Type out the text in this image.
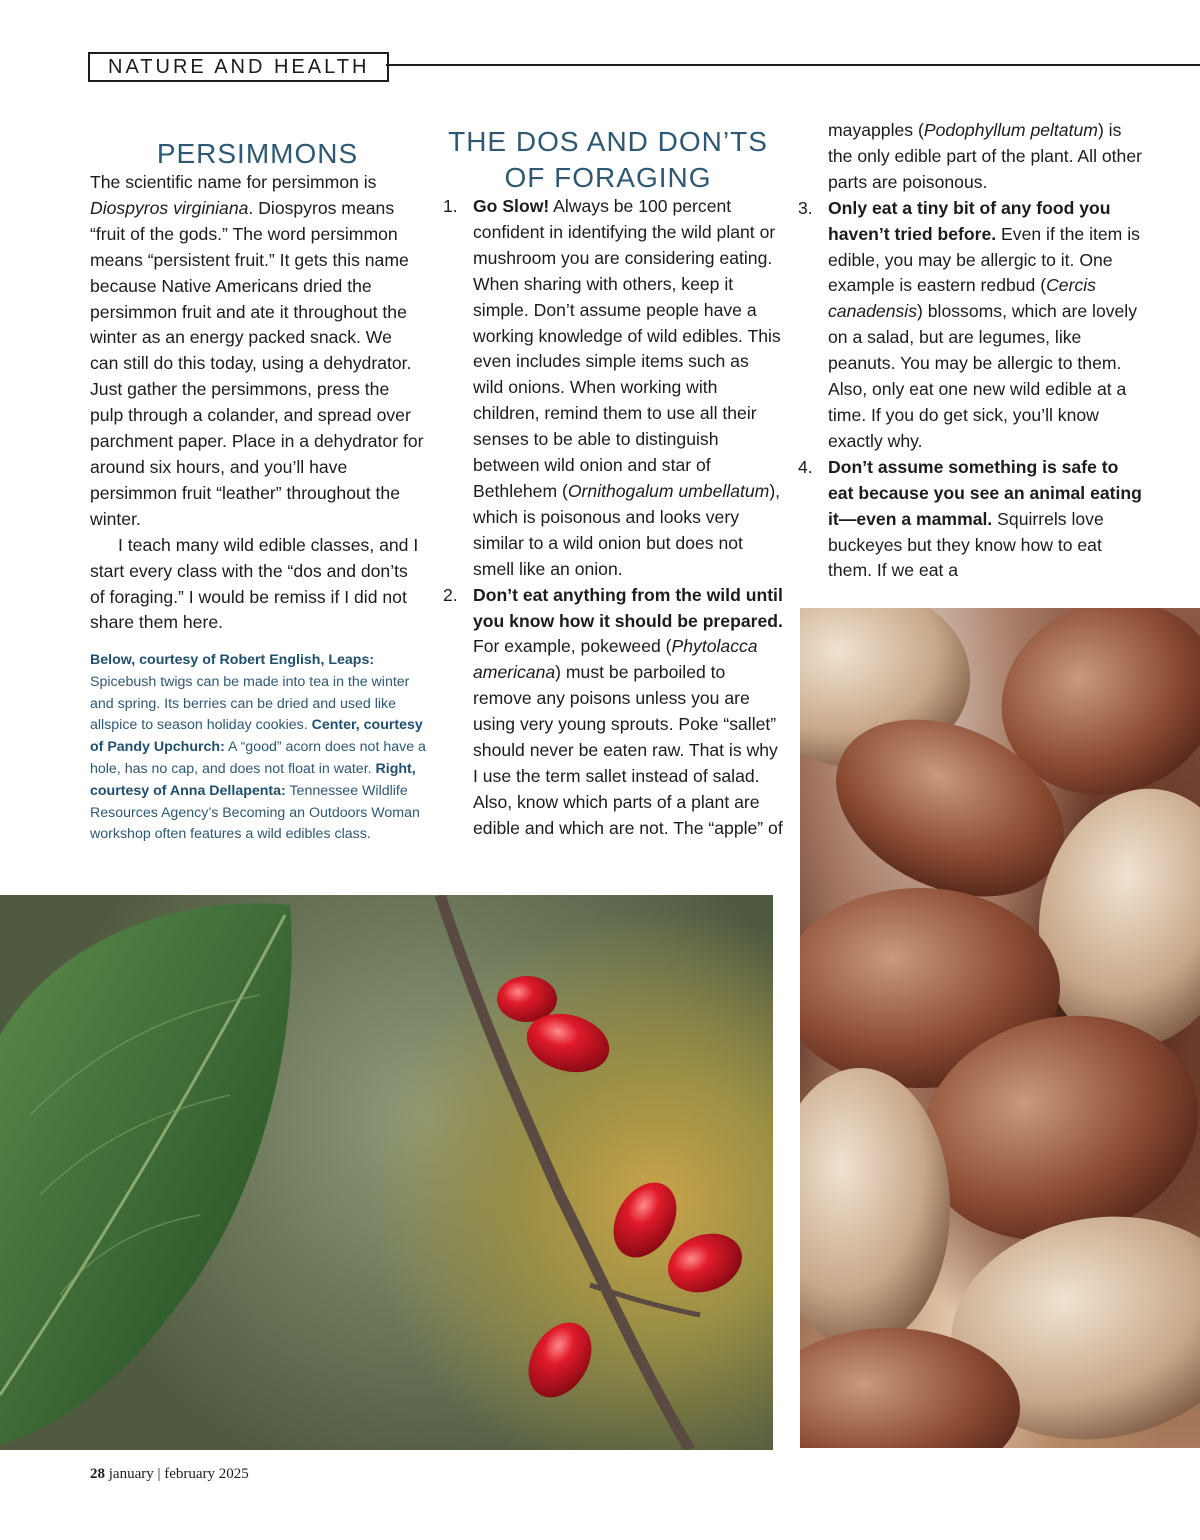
NATURE AND HEALTH
PERSIMMONS

The scientific name for persimmon is Diospyros virginiana. Diospyros means “fruit of the gods.” The word persimmon means “persistent fruit.” It gets this name because Native Americans dried the persimmon fruit and ate it throughout the winter as an energy packed snack. We can still do this today, using a dehydrator. Just gather the persimmons, press the pulp through a colander, and spread over parchment paper. Place in a dehydrator for around six hours, and you’ll have persimmon fruit “leather” throughout the winter.

I teach many wild edible classes, and I start every class with the “dos and don’ts of foraging.” I would be remiss if I did not share them here.

Below, courtesy of Robert English, Leaps: Spicebush twigs can be made into tea in the winter and spring. Its berries can be dried and used like allspice to season holiday cookies. Center, courtesy of Pandy Upchurch: A “good” acorn does not have a hole, has no cap, and does not float in water. Right, courtesy of Anna Dellapenta: Tennessee Wildlife Resources Agency’s Becoming an Outdoors Woman workshop often features a wild edibles class.
THE DOS AND DON’TS
OF FORAGING
1. Go Slow! Always be 100 percent confident in identifying the wild plant or mushroom you are considering eating. When sharing with others, keep it simple. Don’t assume people have a working knowledge of wild edibles. This even includes simple items such as wild onions. When working with children, remind them to use all their senses to be able to distinguish between wild onion and star of Bethlehem (Ornithogalum umbellatum), which is poisonous and looks very similar to a wild onion but does not smell like an onion.
2. Don’t eat anything from the wild until you know how it should be prepared. For example, pokeweed (Phytolacca americana) must be parboiled to remove any poisons unless you are using very young sprouts. Poke “sallet” should never be eaten raw. That is why I use the term sallet instead of salad. Also, know which parts of a plant are edible and which are not. The “apple” of
mayapples (Podophyllum peltatum) is the only edible part of the plant. All other parts are poisonous.
3. Only eat a tiny bit of any food you haven’t tried before. Even if the item is edible, you may be allergic to it. One example is eastern redbud (Cercis canadensis) blossoms, which are lovely on a salad, but are legumes, like peanuts. You may be allergic to them. Also, only eat one new wild edible at a time. If you do get sick, you’ll know exactly why.
4. Don’t assume something is safe to eat because you see an animal eating it—even a mammal. Squirrels love buckeyes but they know how to eat them. If we eat a
28 january | february 2025
